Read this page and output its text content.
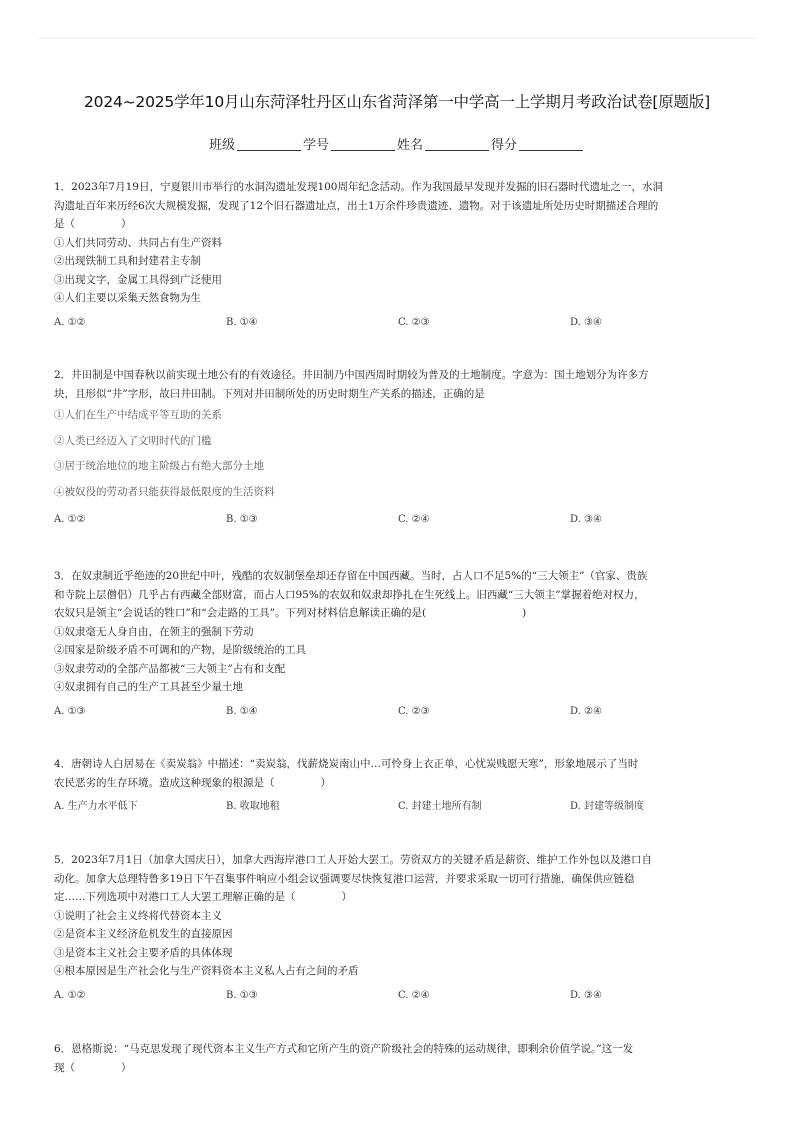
2024~2025学年10月山东菏泽牡丹区山东省菏泽第一中学高一上学期月考政治试卷[原题版]
班级	学号	姓名	得分

1．2023年7月19日，宁夏银川市举行的水洞沟遗址发现100周年纪念活动。作为我国最早发现并发掘的旧石器时代遗址之一，水洞
沟遗址百年来历经6次大规模发掘，发现了12个旧石器遗址点，出土1万余件珍贵遗迹、遗物。对于该遗址所处历史时期描述合理的
是（	）

①人们共同劳动、共同占有生产资料

②出现铁制工具和封建君主专制

③出现文字，金属工具得到广泛使用

④人们主要以采集天然食物为生

A. ①②	B. ①④	C. ②③	D. ③④

2．井田制是中国春秋以前实现土地公有的有效途径。井田制乃中国西周时期较为普及的土地制度。字意为：国土地划分为许多方
块，且形似“井”字形，故曰井田制。下列对井田制所处的历史时期生产关系的描述，正确的是

①人们在生产中结成平等互助的关系

②人类已经迈入了文明时代的门槛

③居于统治地位的地主阶级占有绝大部分土地

④被奴役的劳动者只能获得最低限度的生活资料

A. ①②	B. ①③	C. ②④	D. ③④

3．在奴隶制近乎绝迹的20世纪中叶，残酷的农奴制堡垒却还存留在中国西藏。当时，占人口不足5%的“三大领主”（官家、贵族
和寺院上层僧侣）几乎占有西藏全部财富，而占人口95%的农奴和奴隶却挣扎在生死线上。旧西藏“三大领主”掌握着绝对权力，
农奴只是领主“会说话的牲口”和“会走路的工具”。下列对材料信息解读正确的是(	)

①奴隶毫无人身自由，在领主的强制下劳动

②国家是阶级矛盾不可调和的产物，是阶级统治的工具

③奴隶劳动的全部产品都被“三大领主”占有和支配

④奴隶拥有自己的生产工具甚至少量土地

A. ①③	B. ①④	C. ②③	D. ②④

4．唐朝诗人白居易在《卖炭翁》中描述：“卖炭翁，伐薪烧炭南山中…可怜身上衣正单，心忧炭贱愿天寒”，形象地展示了当时
农民恶劣的生存环境。造成这种现象的根源是（	）

A. 生产力水平低下	B. 收取地租	C. 封建土地所有制	D. 封建等级制度

5．2023年7月1日（加拿大国庆日），加拿大西海岸港口工人开始大罢工。劳资双方的关键矛盾是薪资、维护工作外包以及港口自
动化。加拿大总理特鲁多19日下午召集事件响应小组会议强调要尽快恢复港口运营，并要求采取一切可行措施，确保供应链稳
定……下列选项中对港口工人大罢工理解正确的是（	）

①说明了社会主义终将代替资本主义

②是资本主义经济危机发生的直接原因

③是资本主义社会主要矛盾的具体体现

④根本原因是生产社会化与生产资料资本主义私人占有之间的矛盾

A. ①②	B. ①③	C. ②④	D. ③④

6．恩格斯说：“马克思发现了现代资本主义生产方式和它所产生的资产阶级社会的特殊的运动规律，即剩余价值学说。”这一发
现（	）
